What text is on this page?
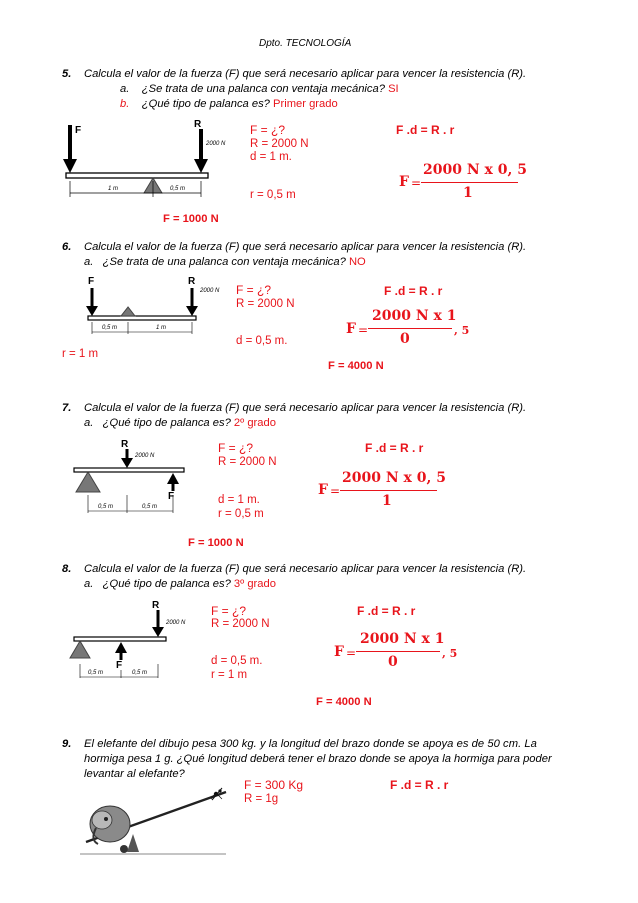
Dpto. TECNOLOGÍA
5. Calcula el valor de la fuerza (F) que será necesario aplicar para vencer la resistencia (R).
a. ¿Se trata de una palanca con ventaja mecánica? SI
b. ¿Qué tipo de palanca es? Primer grado
F
R
2000 N
1 m	0,5 m
F = ¿?
R = 2000 N
d = 1 m.
r = 0,5 m
F .d = R . r
F =
2000 N x 0, 5
1
F = 1000 N
6. Calcula el valor de la fuerza (F) que será necesario aplicar para vencer la resistencia (R).
a. ¿Se trata de una palanca con ventaja mecánica? NO
F	R
2000 N
0,5 m	1 m
F = ¿?
R = 2000 N
d = 0,5 m.
r = 1 m
F .d = R . r
F =
2000 N x 1
0
, 5
F = 4000 N
7. Calcula el valor de la fuerza (F) que será necesario aplicar para vencer la resistencia (R).
a. ¿Qué tipo de palanca es? 2º grado
R
2000 N
F
0,5 m	0,5 m
F = ¿?
R = 2000 N
d = 1 m.
r = 0,5 m
F .d = R . r
F =
2000 N x 0, 5
1
F = 1000 N
8. Calcula el valor de la fuerza (F) que será necesario aplicar para vencer la resistencia (R).
a. ¿Qué tipo de palanca es? 3º grado
R
2000 N
F
0,5 m	0,5 m
F = ¿?
R = 2000 N
d = 0,5 m.
r = 1 m
F .d = R . r
F =
2000 N x 1
0
, 5
F = 4000 N
9. El elefante del dibujo pesa 300 kg. y la longitud del brazo donde se apoya es de 50 cm. La
hormiga pesa 1 g. ¿Qué longitud deberá tener el brazo donde se apoya la hormiga para poder
levantar al elefante?
F = 300 Kg
R = 1g
F .d = R . r
